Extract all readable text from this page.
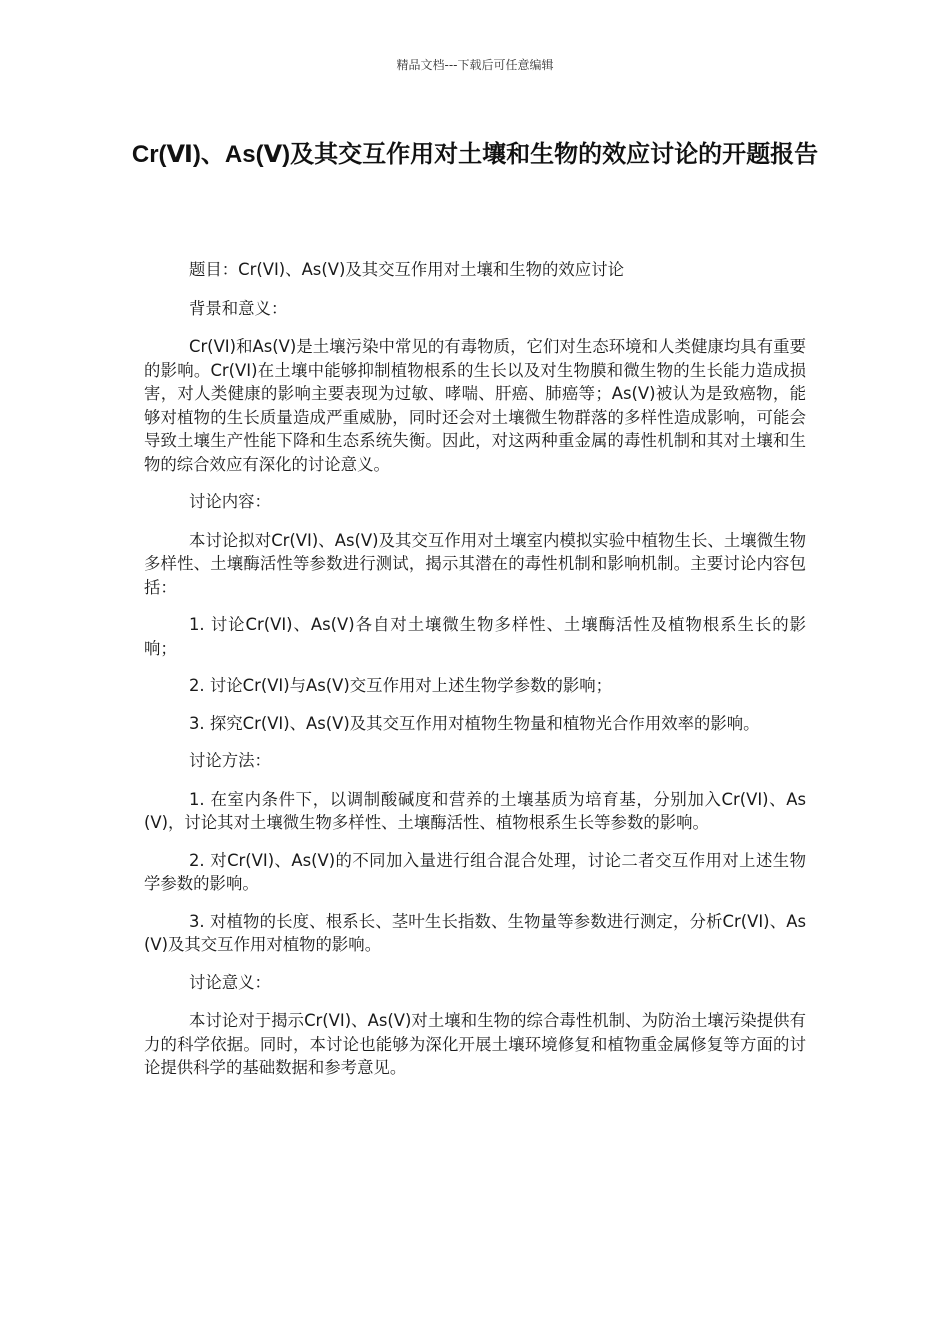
精品文档---下载后可任意编辑
Cr(Ⅵ)、As(Ⅴ)及其交互作用对土壤和生物的效应讨论的开题报告

题目：Cr(VI)、As(V)及其交互作用对土壤和生物的效应讨论

背景和意义：

Cr(VI)和As(V)是土壤污染中常见的有毒物质，它们对生态环境和人类健康均具有重要的影响。Cr(VI)在土壤中能够抑制植物根系的生长以及对生物膜和微生物的生长能力造成损害，对人类健康的影响主要表现为过敏、哮喘、肝癌、肺癌等；As(V)被认为是致癌物，能够对植物的生长质量造成严重威胁，同时还会对土壤微生物群落的多样性造成影响，可能会导致土壤生产性能下降和生态系统失衡。因此，对这两种重金属的毒性机制和其对土壤和生物的综合效应有深化的讨论意义。

讨论内容：

本讨论拟对Cr(VI)、As(V)及其交互作用对土壤室内模拟实验中植物生长、土壤微生物多样性、土壤酶活性等参数进行测试，揭示其潜在的毒性机制和影响机制。主要讨论内容包括：

1. 讨论Cr(VI)、As(V)各自对土壤微生物多样性、土壤酶活性及植物根系生长的影响；

2. 讨论Cr(VI)与As(V)交互作用对上述生物学参数的影响；

3. 探究Cr(VI)、As(V)及其交互作用对植物生物量和植物光合作用效率的影响。

讨论方法：

1. 在室内条件下，以调制酸碱度和营养的土壤基质为培育基，分别加入Cr(VI)、As(V)，讨论其对土壤微生物多样性、土壤酶活性、植物根系生长等参数的影响。

2. 对Cr(VI)、As(V)的不同加入量进行组合混合处理，讨论二者交互作用对上述生物学参数的影响。

3. 对植物的长度、根系长、茎叶生长指数、生物量等参数进行测定，分析Cr(VI)、As(V)及其交互作用对植物的影响。

讨论意义：

本讨论对于揭示Cr(VI)、As(V)对土壤和生物的综合毒性机制、为防治土壤污染提供有力的科学依据。同时，本讨论也能够为深化开展土壤环境修复和植物重金属修复等方面的讨论提供科学的基础数据和参考意见。
